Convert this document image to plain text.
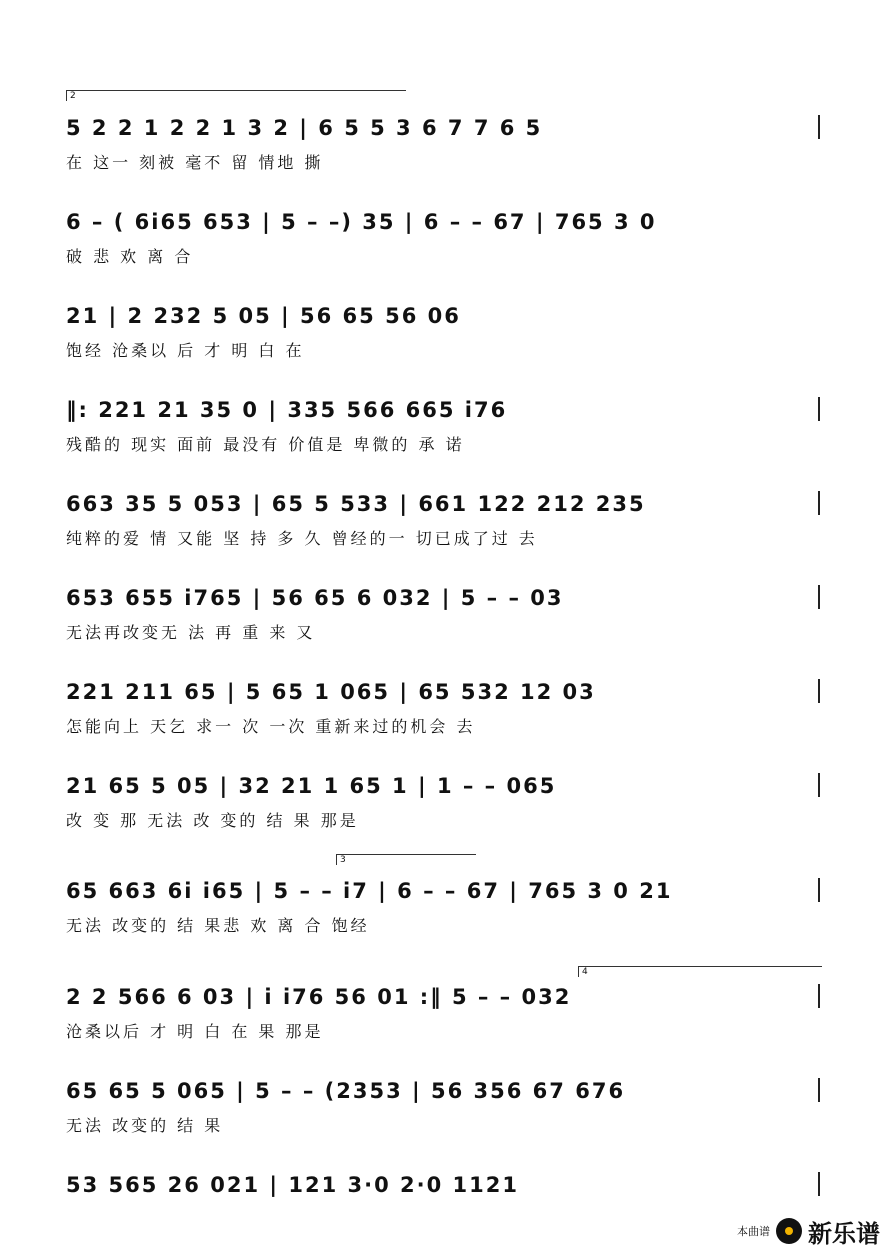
2
5 2 2 1 2 2 1 3 2 | 6 5 5 3 6 7 7 6 5
在 这一 刻被 毫不 留 情地 撕
6 – ( 6i65 653 | 5 – –) 35 | 6 – – 67 | 765 3 0
破 悲 欢 离 合
21 | 2 232 5 05 | 56 65 56 06
饱经 沧桑以 后 才 明 白 在
‖: 221 21 35 0 | 335 566 665 i76
残酷的 现实 面前 最没有 价值是 卑微的 承 诺
663 35 5 053 | 65 5 533 | 661 122 212 235
纯粹的爱 情 又能 坚 持 多 久 曾经的一 切已成了过 去
653 655 i765 | 56 65 6 032 | 5 – – 03
无法再改变无 法 再 重 来 又
221 211 65 | 5 65 1 065 | 65 532 12 03
怎能向上 天乞 求一 次 一次 重新来过的机会 去
21 65 5 05 | 32 21 1 65 1 | 1 – – 065
改 变 那 无法 改 变的 结 果 那是
3
65 663 6i i65 | 5 – – i7 | 6 – – 67 | 765 3 0 21
无法 改变的 结 果悲 欢 离 合 饱经
4
2 2 566 6 03 | i i76 56 01 :‖ 5 – – 032
沧桑以后 才 明 白 在 果 那是
65 65 5 065 | 5 – – (2353 | 56 356 67 676
无法 改变的 结 果
53 565 26 021 | 121 3·0 2·0 1121
本曲谱 新乐谱
